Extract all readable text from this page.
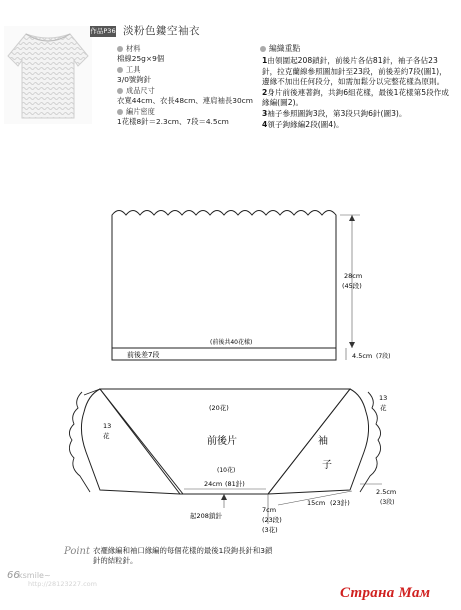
作品P36 淡粉色鏤空袖衣
材料
棉線25g×9個
工具
3/0號鉤針
成品尺寸
衣寬44cm、衣長48cm、連肩袖長30cm
編片密度
1花樣8針＝2.3cm、7段＝4.5cm
編織重點
1由領圍起208鎖針，前後片各佔81針，袖子各佔23針，拉克蘭線參照圖加針至23段，前後差約7段(圖1)，邊緣不加出任何段分，如需加鬆分以完整花樣為原則。
2身片前後連著鉤，共鉤6組花樣，最後1花樣第5段作成緣編(圖2)。
3袖子參照圖鉤3段，第3段只鉤6針(圖3)。
4領子鉤緣編2段(圖4)。
28cm
(45段)
4.5cm (7段)
(前後共40花樣)
前後差7段
(20花)
前後片	袖
子
(10花)
24cm (81針)
起208鎖針
7cm
(23段)
(3花)
15cm (23針)
2.5cm
(3段)
13
花
13
花
Point 衣襬緣編和袖口緣編的每個花樣的最後1段鉤長針和3鎖針的結粒針。
66
ksmile~
http://28123227.com
Страна Мам
